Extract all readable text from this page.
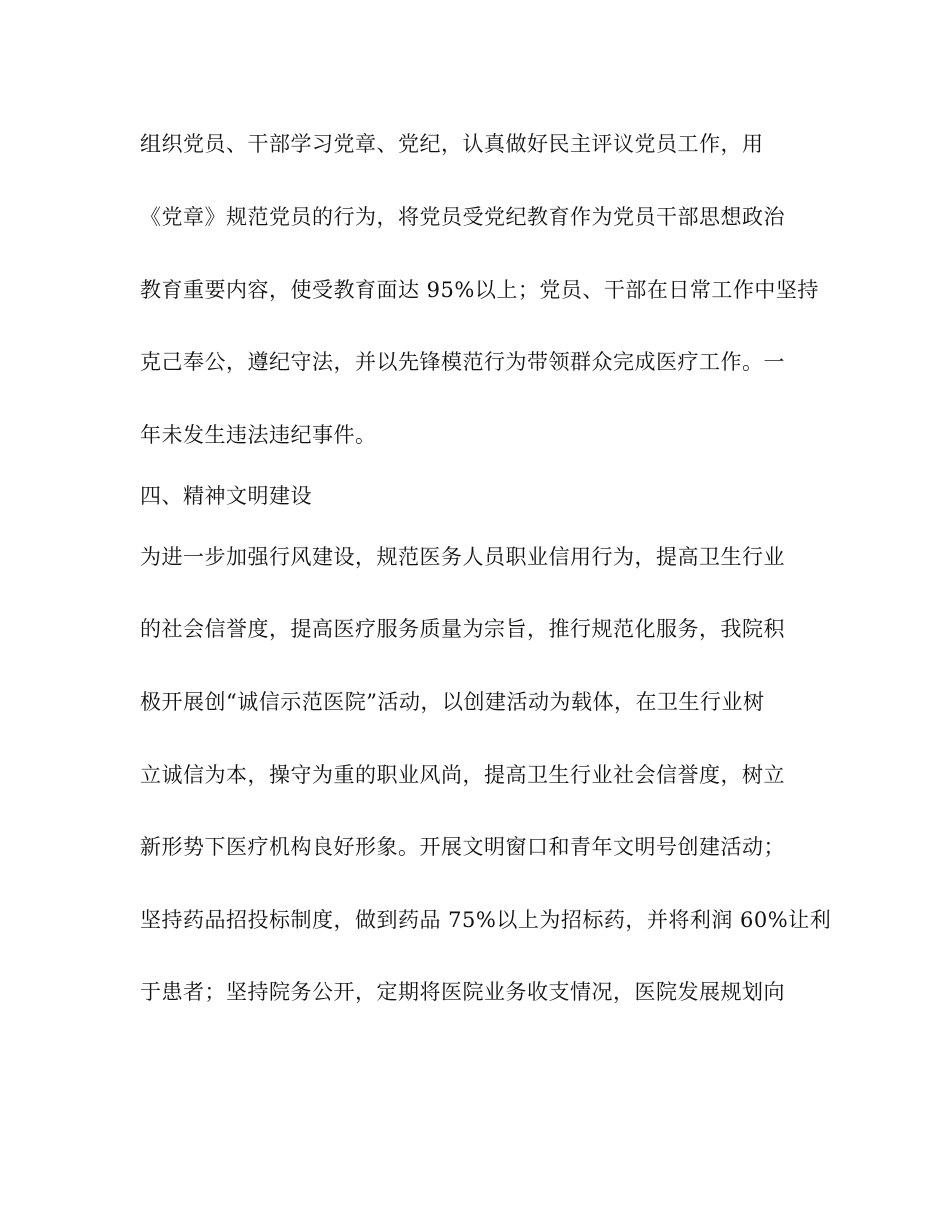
组织党员、干部学习党章、党纪，认真做好民主评议党员工作，用
《党章》规范党员的行为，将党员受党纪教育作为党员干部思想政治
教育重要内容，使受教育面达 95%以上；党员、干部在日常工作中坚持
克己奉公，遵纪守法，并以先锋模范行为带领群众完成医疗工作。一
年未发生违法违纪事件。
四、精神文明建设
为进一步加强行风建设，规范医务人员职业信用行为，提高卫生行业
的社会信誉度，提高医疗服务质量为宗旨，推行规范化服务，我院积
极开展创“诚信示范医院”活动，以创建活动为载体，在卫生行业树
立诚信为本，操守为重的职业风尚，提高卫生行业社会信誉度，树立
新形势下医疗机构良好形象。开展文明窗口和青年文明号创建活动；
坚持药品招投标制度，做到药品 75%以上为招标药，并将利润 60%让利
于患者；坚持院务公开，定期将医院业务收支情况，医院发展规划向
